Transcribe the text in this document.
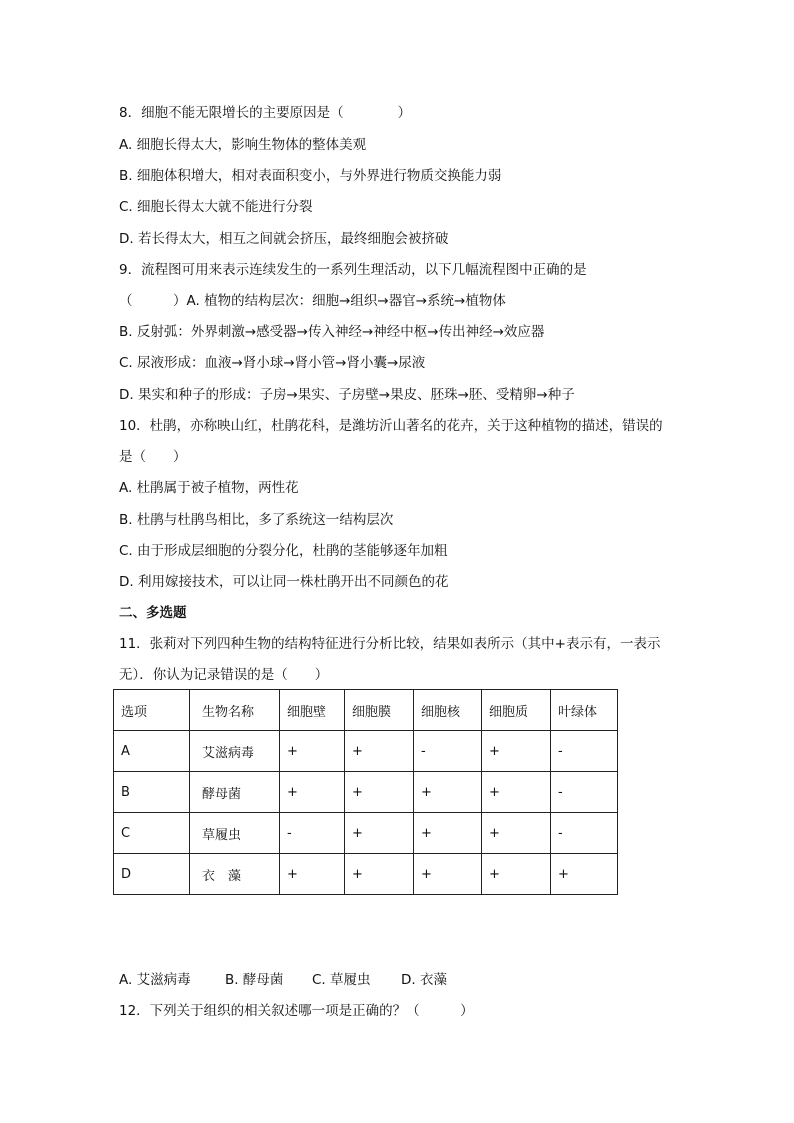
8．细胞不能无限增长的主要原因是（　　　　）
A. 细胞长得太大，影响生物体的整体美观
B. 细胞体积增大，相对表面积变小，与外界进行物质交换能力弱
C. 细胞长得太大就不能进行分裂
D. 若长得太大，相互之间就会挤压，最终细胞会被挤破
9．流程图可用来表示连续发生的一系列生理活动，以下几幅流程图中正确的是
（　　　）A. 植物的结构层次：细胞→组织→器官→系统→植物体
B. 反射弧：外界刺激→感受器→传入神经→神经中枢→传出神经→效应器
C. 尿液形成：血液→肾小球→肾小管→肾小囊→尿液
D. 果实和种子的形成：子房→果实、子房壁→果皮、胚珠→胚、受精卵→种子
10．杜鹃，亦称映山红，杜鹃花科，是潍坊沂山著名的花卉，关于这种植物的描述，错误的
是（　　）
A. 杜鹃属于被子植物，两性花
B. 杜鹃与杜鹃鸟相比，多了系统这一结构层次
C. 由于形成层细胞的分裂分化，杜鹃的茎能够逐年加粗
D. 利用嫁接技术，可以让同一株杜鹃开出不同颜色的花
二、多选题
11．张莉对下列四种生物的结构特征进行分析比较，结果如表所示（其中+表示有，一表示
无）．你认为记录错误的是（　　）
选项	生物名称	细胞壁	细胞膜	细胞核	细胞质	叶绿体
A	艾滋病毒	+	+	-	+	-
B	酵母菌	+	+	+	+	-
C	草履虫	-	+	+	+	-
D	衣　藻	+	+	+	+	+
A. 艾滋病毒	B. 酵母菌 C. 草履虫 D. 衣藻
12．下列关于组织的相关叙述哪一项是正确的？（　　　）
